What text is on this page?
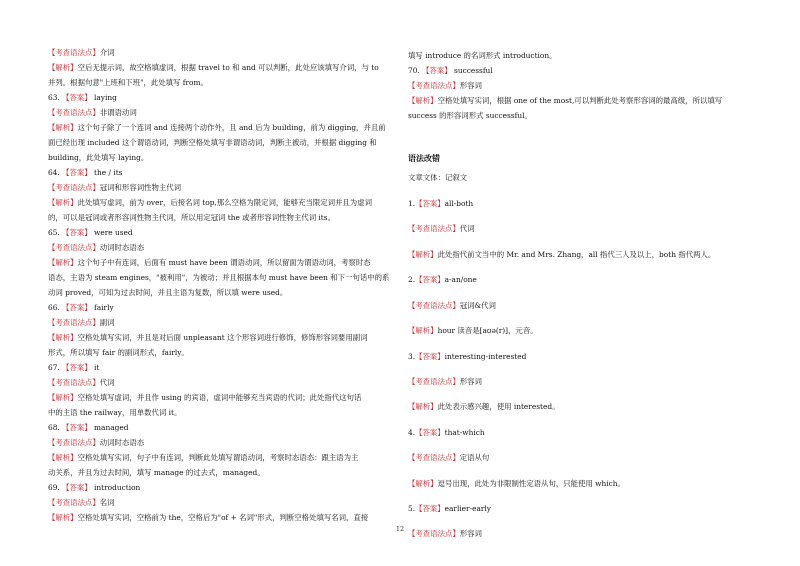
【考查语法点】介词
【解析】空后无提示词，故空格填虚词，根据 travel to 和 and 可以判断，此处应该填写介词，与 to
并列。根据句意"上班和下班"，此处填写 from。
63. 【答案】 laying
【考查语法点】非谓语动词
【解析】这个句子除了一个连词 and 连接两个动作外，且 and 后为 building，前为 digging，并且前
面已经出现 included 这个谓语动词，判断空格处填写非谓语动词，判断主被动，并根据 digging 和
building，此处填写 laying。
64. 【答案】 the / its
【考查语法点】冠词和形容词性物主代词
【解析】此处填写虚词，前为 over，后接名词 top,那么空格为限定词，能够充当限定词并且为虚词
的，可以是冠词或者形容词性物主代词，所以用定冠词 the 或者形容词性物主代词 its。
65. 【答案】 were used
【考查语法点】动词时态语态
【解析】这个句子中有连词，后面有 must have been 谓语动词，所以留面为谓语动词，考察时态
语态，主语为 steam engines，"被利用"，为被动；并且根据本句 must have been 和下一句话中的系
动词 proved，可知为过去时间，并且主语为复数，所以填 were used。
66. 【答案】 fairly
【考查语法点】副词
【解析】空格处填写实词，并且是对后面 unpleasant 这个形容词进行修饰，修饰形容词要用副词
形式，所以填写 fair 的副词形式，fairly。
67. 【答案】 it
【考查语法点】代词
【解析】空格处填写虚词，并且作 using 的宾语，虚词中能够充当宾语的代词；此处指代这句话
中的主语 the railway，用单数代词 it。
68. 【答案】 managed
【考查语法点】动词时态语态
【解析】空格处填写实词，句子中有连词，判断此处填写谓语动词，考察时态语态：跟主语为主
动关系，并且为过去时间，填写 manage 的过去式，managed。
69. 【答案】 introduction
【考查语法点】名词
【解析】空格处填写实词，空格前为 the，空格后为"of + 名词"形式，判断空格处填写名词，直接
填写 introduce 的名词形式 introduction。
70. 【答案】 successful
【考查语法点】形容词
【解析】空格处填写实词，根据 one of the most,可以判断此处考察形容词的最高级，所以填写
success 的形容词形式 successful。
语法改错
文章文体：记叙文
1.【答案】all-both
【考查语法点】代词
【解析】此处指代前文当中的 Mr. and Mrs. Zhang，all 指代三人及以上，both 指代两人。
2.【答案】a-an/one
【考查语法点】冠词&代词
【解析】hour 读音是[aʊə(r)]，元音。
3.【答案】interesting-interested
【考查语法点】形容词
【解析】此处表示感兴趣，使用 interested。
4.【答案】that-which
【考查语法点】定语从句
【解析】逗号出现，此处为非限制性定语从句，只能使用 which。
5.【答案】earlier-early
【考查语法点】形容词
12
